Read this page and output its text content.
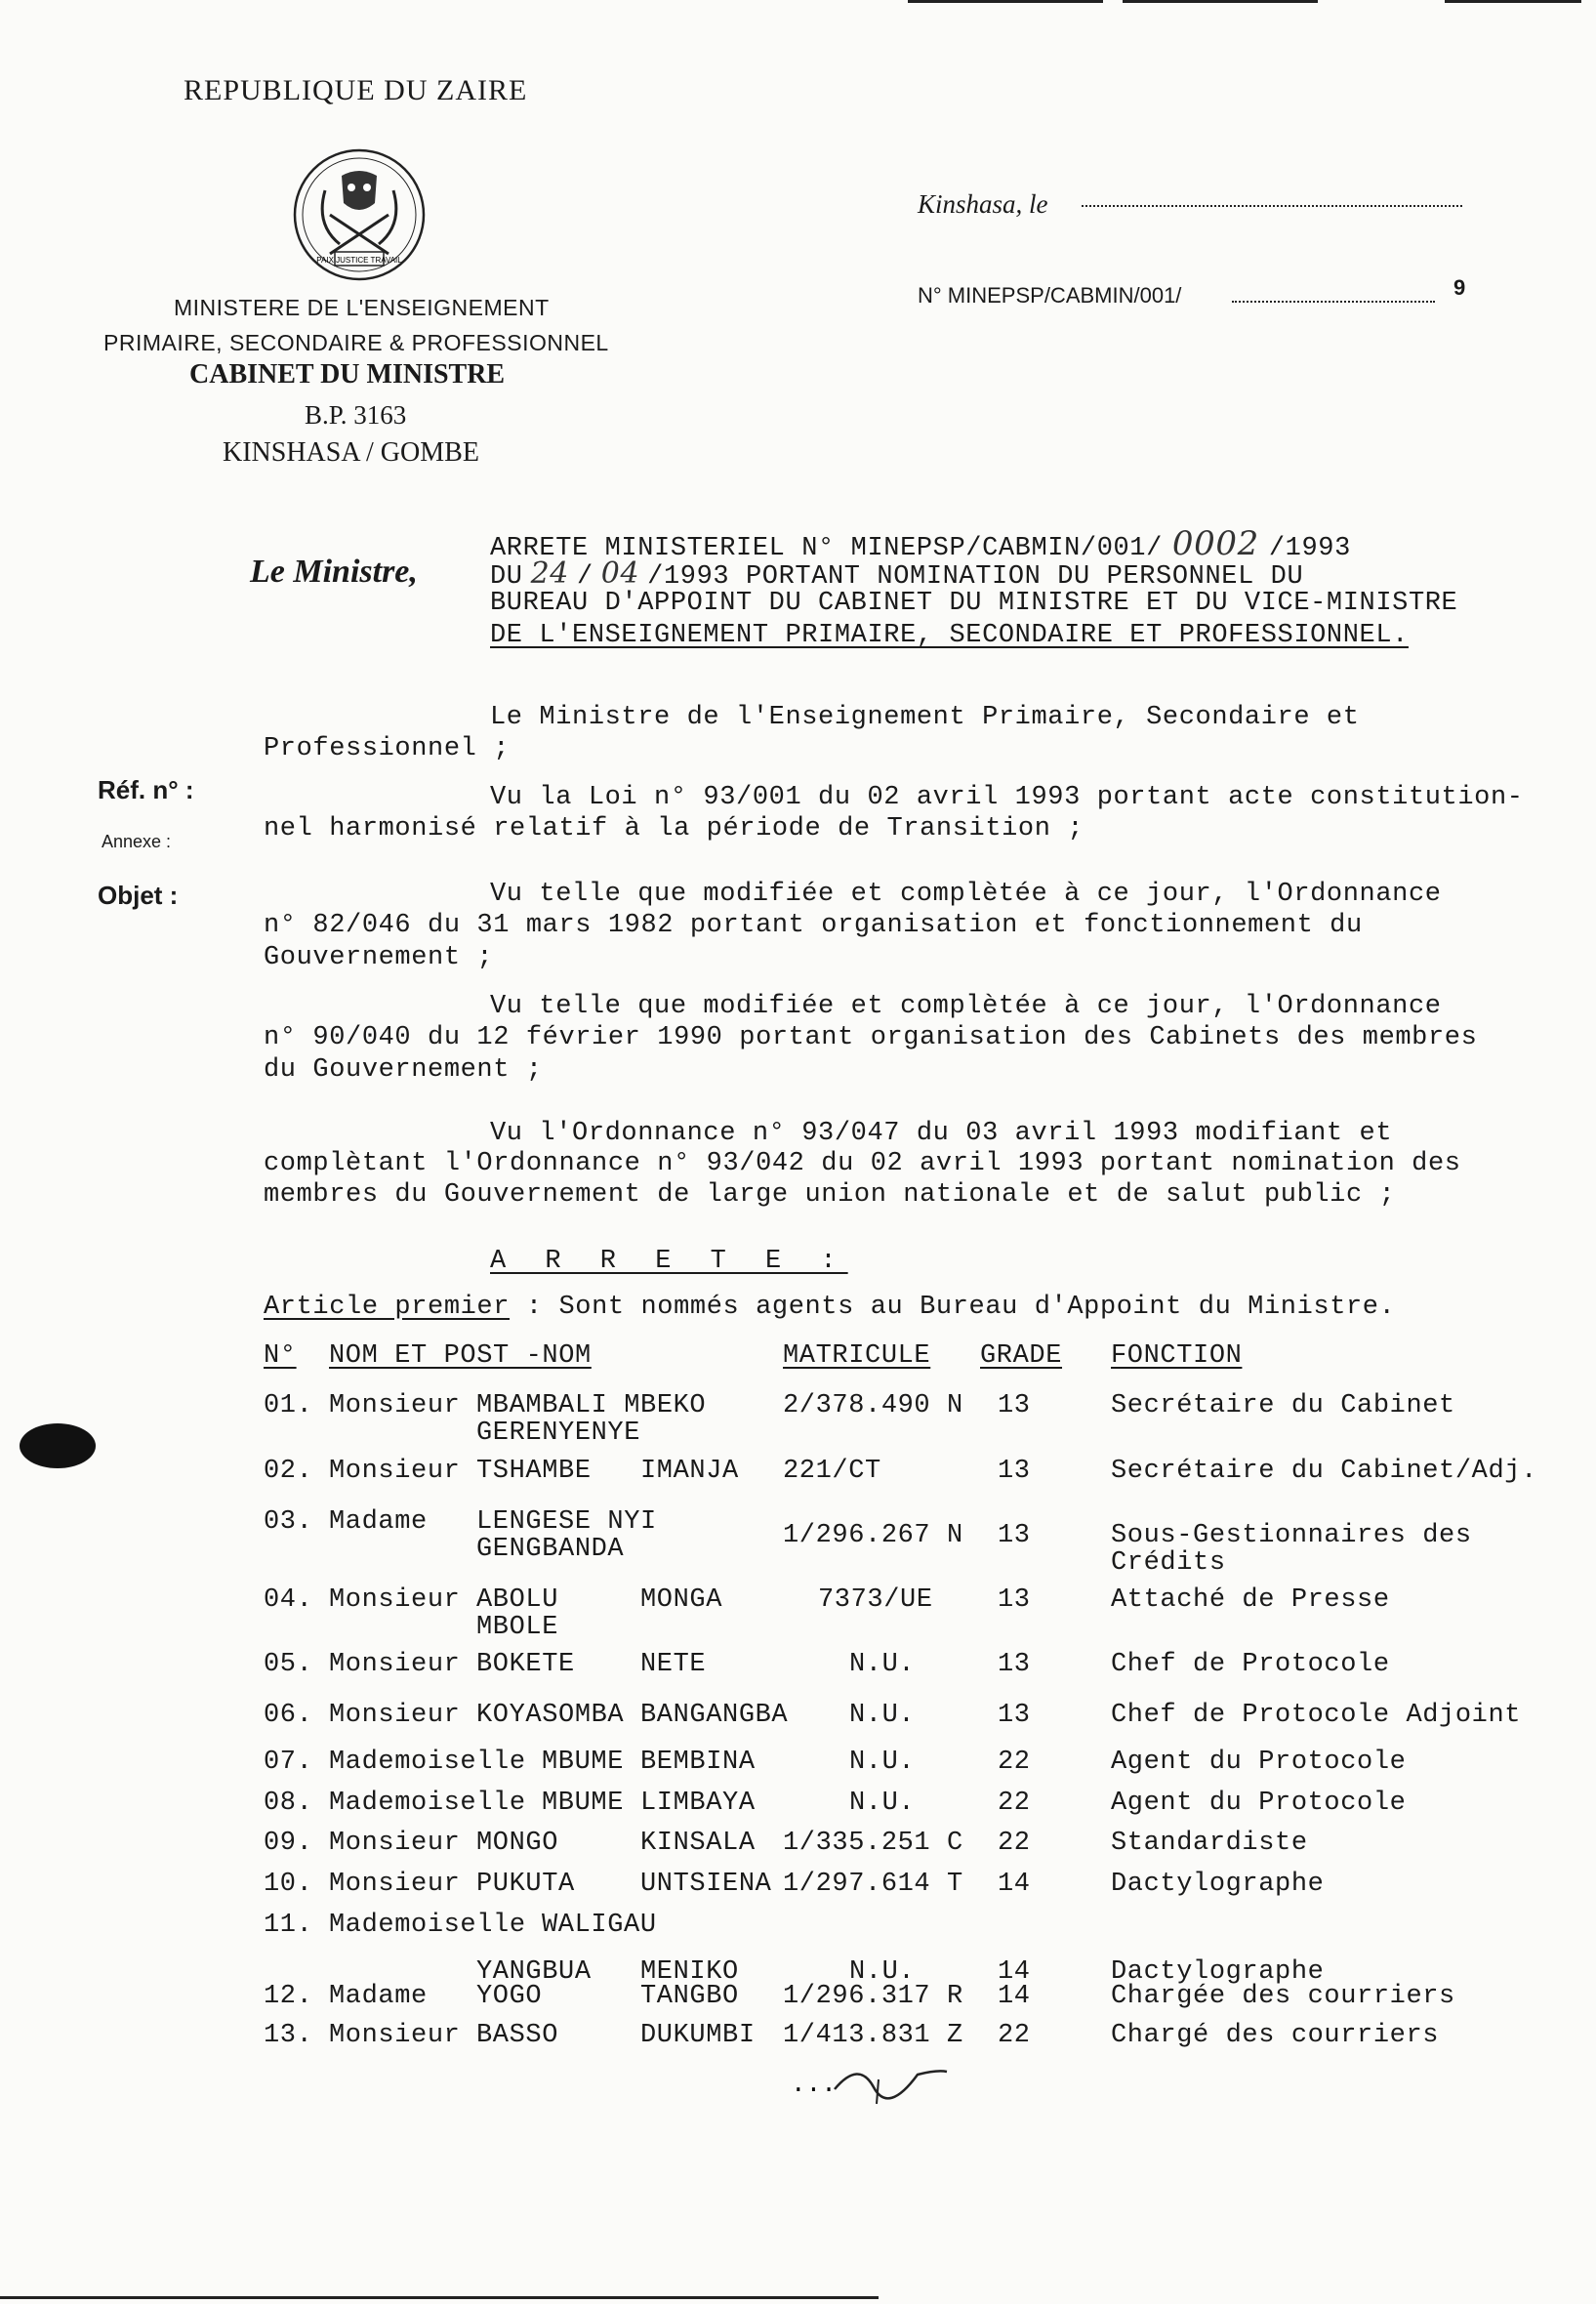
REPUBLIQUE DU ZAIRE
PAIX JUSTICE TRAVAIL
MINISTERE DE L'ENSEIGNEMENT
PRIMAIRE, SECONDAIRE & PROFESSIONNEL
CABINET DU MINISTRE
B.P. 3163
KINSHASA / GOMBE
Kinshasa, le
N° MINEPSP/CABMIN/001/	9
Le Ministre,
Réf. n° :
Annexe :
Objet :
ARRETE MINISTERIEL N° MINEPSP/CABMIN/001/ 0002 /1993
DU 24 / 04 /1993 PORTANT NOMINATION DU PERSONNEL DU
BUREAU D'APPOINT DU CABINET DU MINISTRE ET DU VICE-MINISTRE
DE L'ENSEIGNEMENT PRIMAIRE, SECONDAIRE ET PROFESSIONNEL.
Le Ministre de l'Enseignement Primaire, Secondaire et
Professionnel ;
Vu la Loi n° 93/001 du 02 avril 1993 portant acte constitution-
nel harmonisé relatif à la période de Transition ;
Vu telle que modifiée et complètée à ce jour, l'Ordonnance
n° 82/046 du 31 mars 1982 portant organisation et fonctionnement du
Gouvernement ;
Vu telle que modifiée et complètée à ce jour, l'Ordonnance
n° 90/040 du 12 février 1990 portant organisation des Cabinets des membres
du Gouvernement ;
Vu l'Ordonnance n° 93/047 du 03 avril 1993 modifiant et
complètant l'Ordonnance n° 93/042 du 02 avril 1993 portant nomination des
membres du Gouvernement de large union nationale et de salut public ;
A R R E T E :
Article premier : Sont nommés agents au Bureau d'Appoint du Ministre.
N° NOM ET POST -NOM	MATRICULE GRADE FONCTION
01. Monsieur MBAMBALI MBEKO	2/378.490 N 13	Secrétaire du Cabinet
GERENYENYE
02. Monsieur TSHAMBE IMANJA 221/CT	13	Secrétaire du Cabinet/Adj.
03. Madame LENGESE NYI	1/296.267 N 13	Sous-Gestionnaires des
GENGBANDA	Crédits
04. Monsieur ABOLU	MONGA	7373/UE 13	Attaché de Presse
MBOLE
05. Monsieur BOKETE NETE	N.U.	13	Chef de Protocole
06. Monsieur KOYASOMBA BANGANGBA N.U.	13	Chef de Protocole Adjoint
07. Mademoiselle MBUME BEMBINA	N.U.	22	Agent du Protocole
08. Mademoiselle MBUME LIMBAYA	N.U.	22	Agent du Protocole
09. Monsieur MONGO	KINSALA 1/335.251 C 22	Standardiste
10. Monsieur PUKUTA UNTSIENA 1/297.614 T 14	Dactylographe
11. Mademoiselle WALIGAU
YANGBUA MENIKO	N.U.	14	Dactylographe
12. Madame YOGO	TANGBO 1/296.317 R 14	Chargée des courriers
13. Monsieur BASSO	DUKUMBI 1/413.831 Z 22	Chargé des courriers
...
